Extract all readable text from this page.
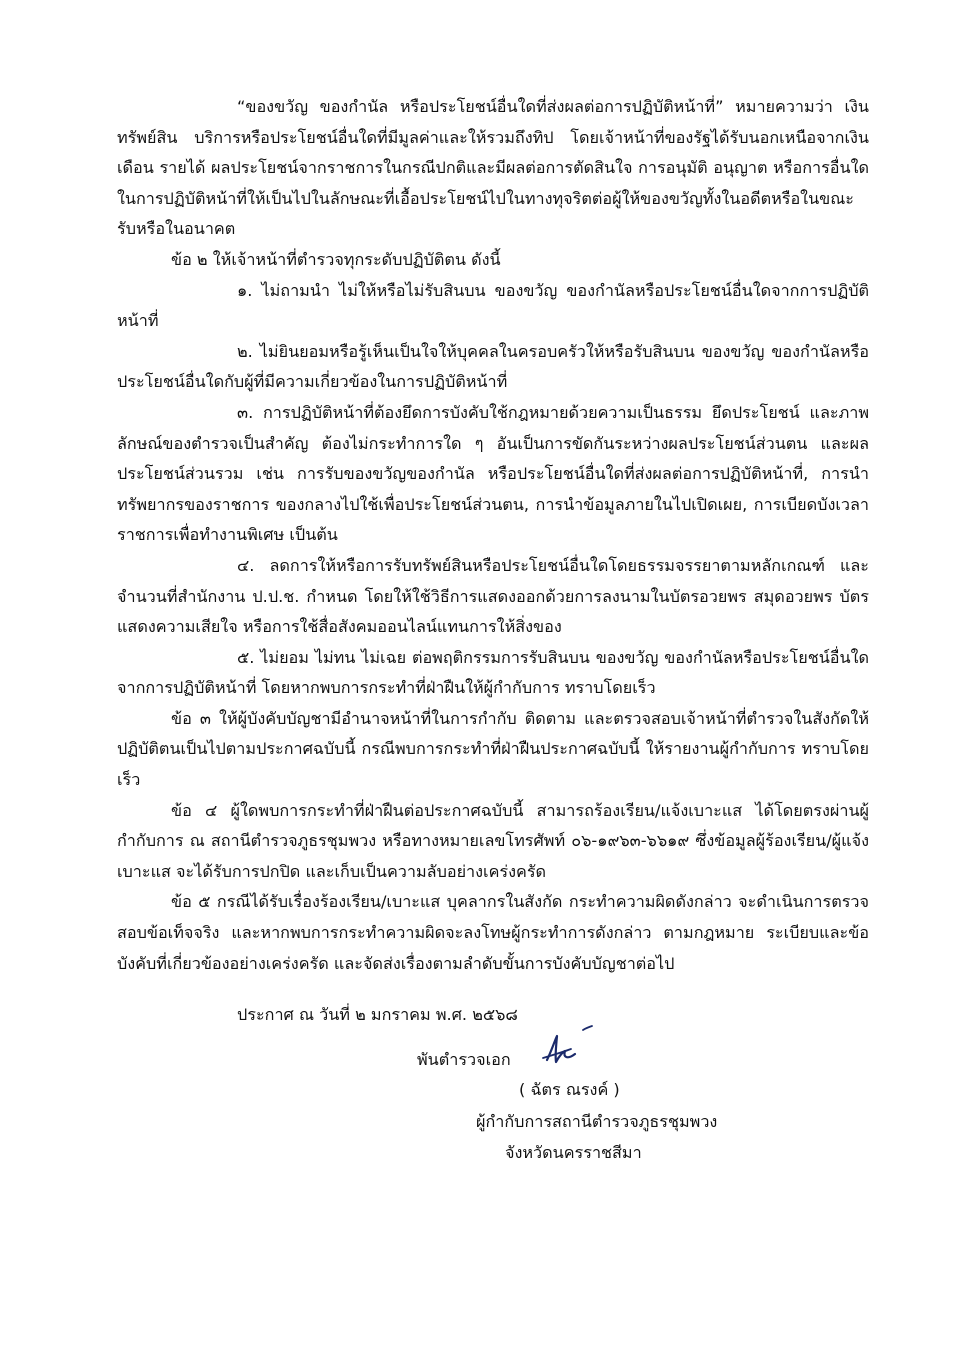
“ของขวัญ ของกำนัล หรือประโยชน์อื่นใดที่ส่งผลต่อการปฏิบัติหน้าที่” หมายความว่า เงิน ทรัพย์สิน บริการหรือประโยชน์อื่นใดที่มีมูลค่าและให้รวมถึงทิป โดยเจ้าหน้าที่ของรัฐได้รับนอกเหนือจากเงินเดือน รายได้ ผลประโยชน์จากราชการในกรณีปกติและมีผลต่อการตัดสินใจ การอนุมัติ อนุญาต หรือการอื่นใดในการปฏิบัติหน้าที่ให้เป็นไปในลักษณะที่เอื้อประโยชน์ไปในทางทุจริตต่อผู้ให้ของขวัญทั้งในอดีตหรือในขณะรับหรือในอนาคต

ข้อ ๒ ให้เจ้าหน้าที่ตำรวจทุกระดับปฏิบัติตน ดังนี้

๑. ไม่ถามนำ ไม่ให้หรือไม่รับสินบน ของขวัญ ของกำนัลหรือประโยชน์อื่นใดจากการปฏิบัติหน้าที่

๒. ไม่ยินยอมหรือรู้เห็นเป็นใจให้บุคคลในครอบครัวให้หรือรับสินบน ของขวัญ ของกำนัลหรือประโยชน์อื่นใดกับผู้ที่มีความเกี่ยวข้องในการปฏิบัติหน้าที่

๓. การปฏิบัติหน้าที่ต้องยึดการบังคับใช้กฎหมายด้วยความเป็นธรรม ยึดประโยชน์ และภาพลักษณ์ของตำรวจเป็นสำคัญ ต้องไม่กระทำการใด ๆ อันเป็นการขัดกันระหว่างผลประโยชน์ส่วนตน และผลประโยชน์ส่วนรวม เช่น การรับของขวัญของกำนัล หรือประโยชน์อื่นใดที่ส่งผลต่อการปฏิบัติหน้าที่, การนำทรัพยากรของราชการ ของกลางไปใช้เพื่อประโยชน์ส่วนตน, การนำข้อมูลภายในไปเปิดเผย, การเบียดบังเวลาราชการเพื่อทำงานพิเศษ เป็นต้น

๔. ลดการให้หรือการรับทรัพย์สินหรือประโยชน์อื่นใดโดยธรรมจรรยาตามหลักเกณฑ์ และจำนวนที่สำนักงาน ป.ป.ช. กำหนด โดยให้ใช้วิธีการแสดงออกด้วยการลงนามในบัตรอวยพร สมุดอวยพร บัตรแสดงความเสียใจ หรือการใช้สื่อสังคมออนไลน์แทนการให้สิ่งของ

๕. ไม่ยอม ไม่ทน ไม่เฉย ต่อพฤติกรรมการรับสินบน ของขวัญ ของกำนัลหรือประโยชน์อื่นใดจากการปฏิบัติหน้าที่ โดยหากพบการกระทำที่ฝ่าฝืนให้ผู้กำกับการ ทราบโดยเร็ว

ข้อ ๓ ให้ผู้บังคับบัญชามีอำนาจหน้าที่ในการกำกับ ติดตาม และตรวจสอบเจ้าหน้าที่ตำรวจในสังกัดให้ปฏิบัติตนเป็นไปตามประกาศฉบับนี้ กรณีพบการกระทำที่ฝ่าฝืนประกาศฉบับนี้ ให้รายงานผู้กำกับการ ทราบโดยเร็ว

ข้อ ๔ ผู้ใดพบการกระทำที่ฝ่าฝืนต่อประกาศฉบับนี้ สามารถร้องเรียน/แจ้งเบาะแส ได้โดยตรงผ่านผู้กำกับการ ณ สถานีตำรวจภูธรชุมพวง หรือทางหมายเลขโทรศัพท์ ๐๖-๑๙๖๓-๖๖๑๙ ซึ่งข้อมูลผู้ร้องเรียน/ผู้แจ้งเบาะแส จะได้รับการปกปิด และเก็บเป็นความลับอย่างเคร่งครัด

ข้อ ๕ กรณีได้รับเรื่องร้องเรียน/เบาะแส บุคลากรในสังกัด กระทำความผิดดังกล่าว จะดำเนินการตรวจสอบข้อเท็จจริง และหากพบการกระทำความผิดจะลงโทษผู้กระทำการดังกล่าว ตามกฎหมาย ระเบียบและข้อบังคับที่เกี่ยวข้องอย่างเคร่งครัด และจัดส่งเรื่องตามลำดับขั้นการบังคับบัญชาต่อไป

ประกาศ ณ วันที่ ๒ มกราคม พ.ศ. ๒๕๖๘
พันตำรวจเอก
( ฉัตร ณรงค์ )
ผู้กำกับการสถานีตำรวจภูธรชุมพวง
จังหวัดนครราชสีมา
